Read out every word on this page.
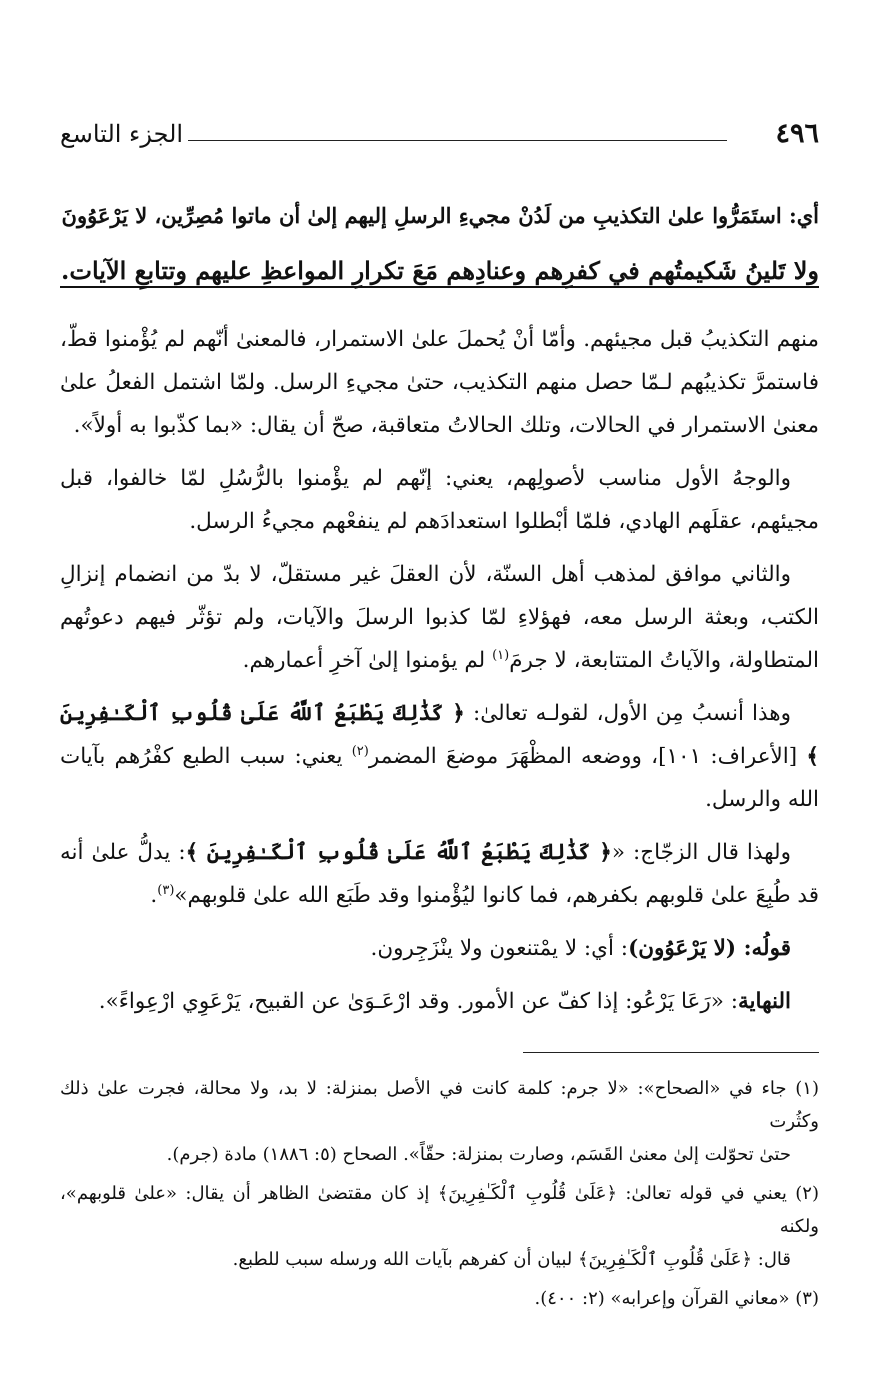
٤٩٦
الجزء التاسع
أي: استَمَرُّوا علىٰ التكذيبِ من لَدُنْ مجيءِ الرسلِ إليهم إلىٰ أن ماتوا مُصِرِّين، لا يَرْعَوُونَ
ولا تَلينُ شَكيمتُهم في كفرِهم وعنادِهم مَعَ تكرارِ المواعظِ عليهم وتتابعِ الآيات.

منهم التكذيبُ قبل مجيئهم. وأمّا أنْ يُحملَ علىٰ الاستمرار، فالمعنىٰ أنّهم لم يُؤْمنوا قطّ، فاستمرَّ تكذيبُهم لـمّا حصل منهم التكذيب، حتىٰ مجيءِ الرسل. ولمّا اشتمل الفعلُ علىٰ معنىٰ الاستمرار في الحالات، وتلك الحالاتُ متعاقبة، صحّ أن يقال: «بما كذّبوا به أولاً».

والوجهُ الأول مناسب لأصولِهم، يعني: إنّهم لم يؤْمنوا بالرُّسُلِ لمّا خالفوا، قبل مجيئهم، عقلَهم الهادي، فلمّا أبْطلوا استعدادَهم لم ينفعْهم مجيءُ الرسل.

والثاني موافق لمذهب أهل السنّة، لأن العقلَ غير مستقلّ، لا بدّ من انضمام إنزالِ الكتب، وبعثة الرسل معه، فهؤلاءِ لمّا كذبوا الرسلَ والآيات، ولم تؤثّر فيهم دعوتُهم المتطاولة، والآياتُ المتتابعة، لا جرمَ$^{(١)}$ لم يؤمنوا إلىٰ آخرِ أعمارهم.

وهذا أنسبُ مِن الأول، لقولـه تعالىٰ: ﴿ كَذَٰلِكَ يَطْبَعُ ٱللَّهُ عَلَىٰ قُلُوبِ ٱلْكَـٰفِرِينَ ﴾ [الأعراف: ١٠١]، ووضعه المظْهَرَ موضعَ المضمر$^{(٢)}$ يعني: سبب الطبع كفْرُهم بآيات الله والرسل.

ولهذا قال الزجّاج: «﴿ كَذَٰلِكَ يَطْبَعُ ٱللَّهُ عَلَىٰ قُلُوبِ ٱلْكَـٰفِرِينَ ﴾: يدلُّ علىٰ أنه قد طُبِعَ علىٰ قلوبهم بكفرهم، فما كانوا ليُؤْمنوا وقد طَبَع الله علىٰ قلوبهم»$^{(٣)}$.

قولُه: (لا يَرْعَوُون): أي: لا يمْتنعون ولا ينْزَجِرون.

النهاية: «رَعَا يَرْعُو: إذا كفّ عن الأمور. وقد ارْعَـوَىٰ عن القبيح، يَرْعَوِي ارْعِواءً».

(١) جاء في «الصحاح»: «لا جرم: كلمة كانت في الأصل بمنزلة: لا بد، ولا محالة، فجرت علىٰ ذلك وكثُرت
حتىٰ تحوّلت إلىٰ معنىٰ القَسَم، وصارت بمنزلة: حقّاً». الصحاح (٥: ١٨٨٦) مادة (جرم).
(٢) يعني في قوله تعالىٰ: ﴿عَلَىٰ قُلُوبِ ٱلْكَـٰفِرِينَ﴾ إذ كان مقتضىٰ الظاهر أن يقال: «علىٰ قلوبهم»، ولكنه
قال: ﴿عَلَىٰ قُلُوبِ ٱلْكَـٰفِرِينَ﴾ لبيان أن كفرهم بآيات الله ورسله سبب للطبع.
(٣) «معاني القرآن وإعرابه» (٢: ٤٠٠).
